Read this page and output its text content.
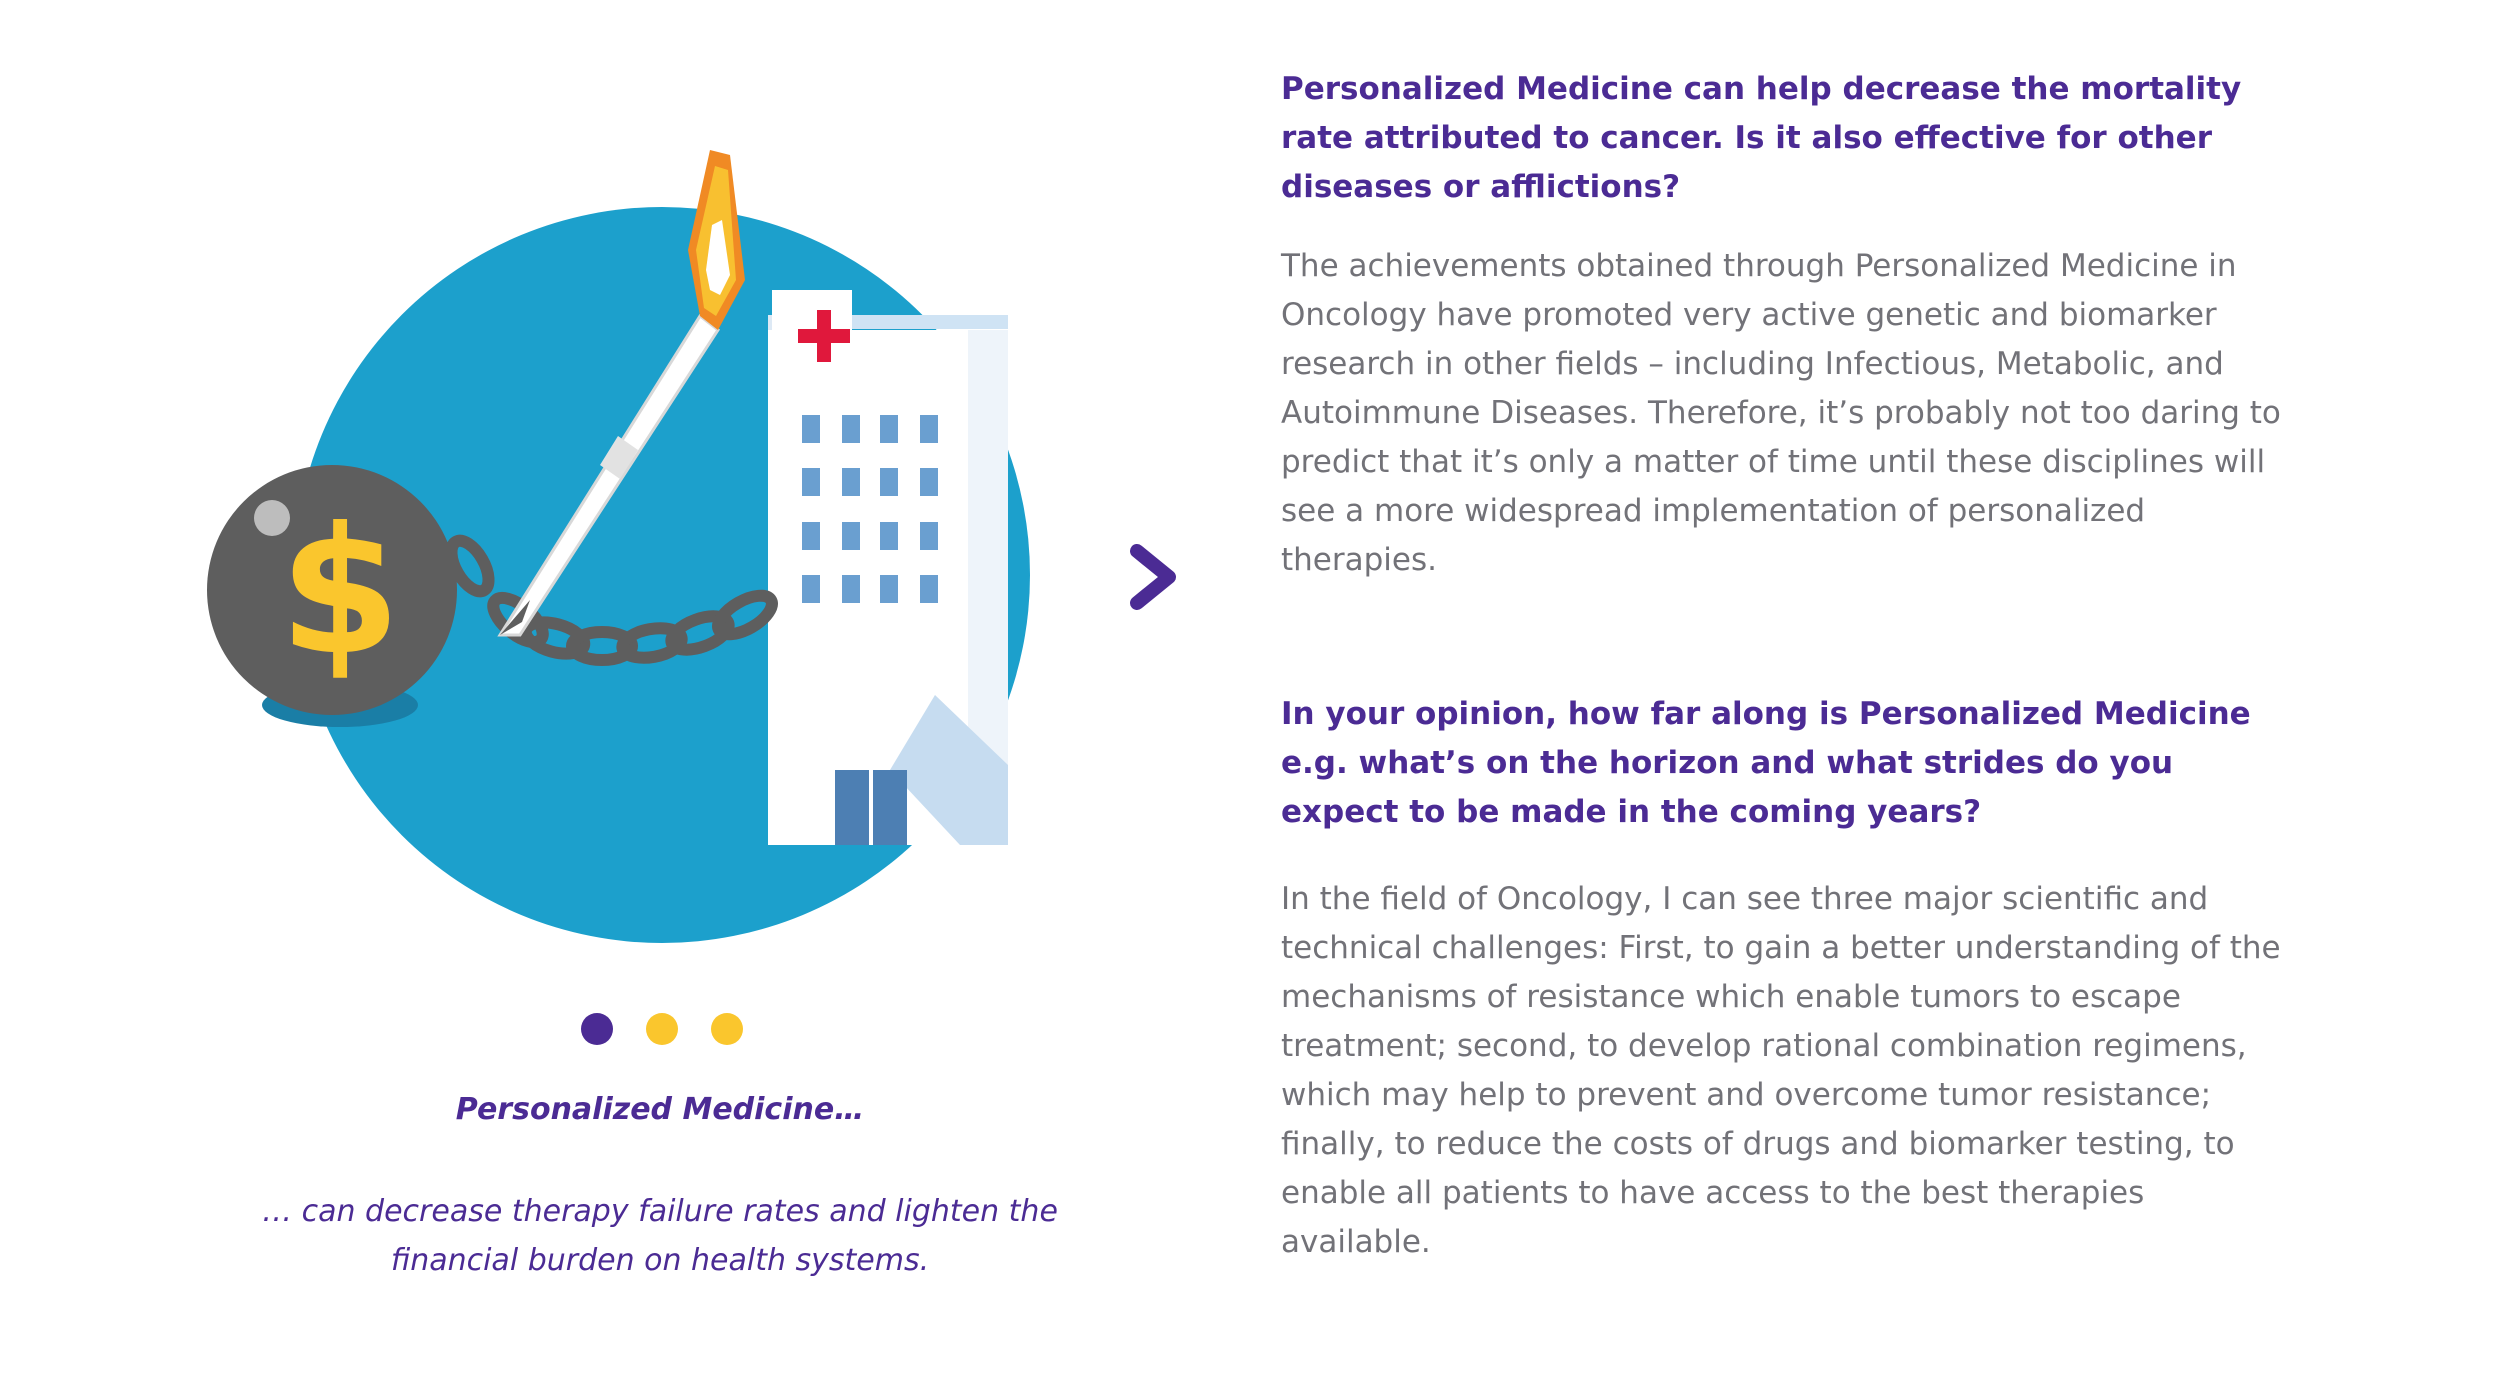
$
Personalized Medicine…
… can decrease therapy failure rates and lighten the financial burden on health systems.

Personalized Medicine can help decrease the mortality rate attributed to cancer. Is it also effective for other diseases or afflictions?

The achievements obtained through Personalized Medicine in Oncology have promoted very active genetic and biomarker research in other fields – including Infectious, Metabolic, and Autoimmune Diseases. Therefore, it’s probably not too daring to predict that it’s only a matter of time until these disciplines will see a more widespread implementation of personalized therapies.

In your opinion, how far along is Personalized Medicine e.g. what’s on the horizon and what strides do you expect to be made in the coming years?

In the field of Oncology, I can see three major scientific and technical challenges: First, to gain a better understanding of the mechanisms of resistance which enable tumors to escape treatment; second, to develop rational combination regimens, which may help to prevent and overcome tumor resistance; finally, to reduce the costs of drugs and biomarker testing, to enable all patients to have access to the best therapies available.
